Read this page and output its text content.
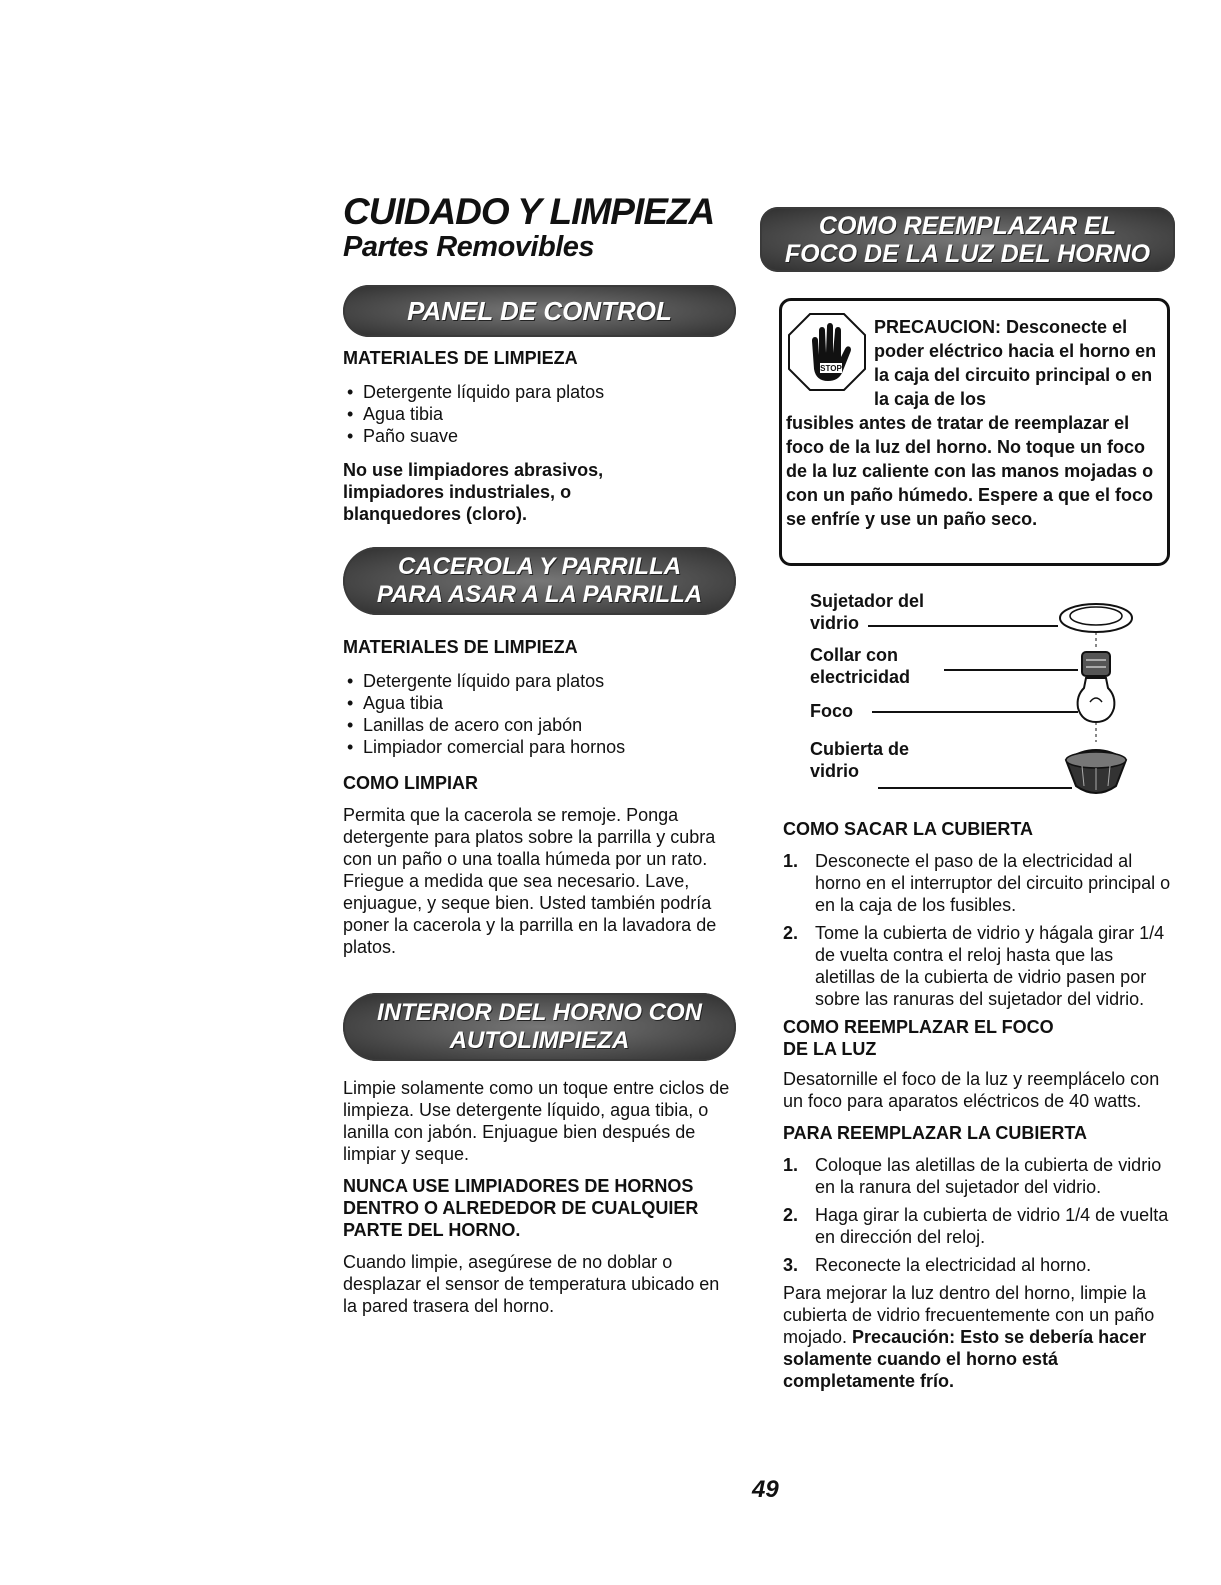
CUIDADO Y LIMPIEZA
Partes Removibles
PANEL DE CONTROL

MATERIALES DE LIMPIEZA

• Detergente líquido para platos
• Agua tibia
• Paño suave

No use limpiadores abrasivos, limpiadores industriales, o blanquedores (cloro).

CACEROLA Y PARRILLA
PARA ASAR A LA PARRILLA

MATERIALES DE LIMPIEZA

• Detergente líquido para platos
• Agua tibia
• Lanillas de acero con jabón
• Limpiador comercial para hornos

COMO LIMPIAR

Permita que la cacerola se remoje. Ponga detergente para platos sobre la parrilla y cubra con un paño o una toalla húmeda por un rato. Friegue a medida que sea necesario. Lave, enjuague, y seque bien. Usted también podría poner la cacerola y la parrilla en la lavadora de platos.

INTERIOR DEL HORNO CON
AUTOLIMPIEZA

Limpie solamente como un toque entre ciclos de limpieza. Use detergente líquido, agua tibia, o lanilla con jabón. Enjuague bien después de limpiar y seque.

NUNCA USE LIMPIADORES DE HORNOS DENTRO O ALREDEDOR DE CUALQUIER PARTE DEL HORNO.

Cuando limpie, asegúrese de no doblar o desplazar el sensor de temperatura ubicado en la pared trasera del horno.

COMO REEMPLAZAR EL
FOCO DE LA LUZ DEL HORNO
STOP

PRECAUCION: Desconecte el poder eléctrico hacia el horno en la caja del circuito principal o en la caja de los

fusibles antes de tratar de reemplazar el foco de la luz del horno. No toque un foco de la luz caliente con las manos mojadas o con un paño húmedo. Espere a que el foco se enfríe y use un paño seco.

Sujetador del vidrio
Collar con electricidad
Foco
Cubierta de vidrio

COMO SACAR LA CUBIERTA

1. Desconecte el paso de la electricidad al horno en el interruptor del circuito principal o en la caja de los fusibles.
2. Tome la cubierta de vidrio y hágala girar 1/4 de vuelta contra el reloj hasta que las aletillas de la cubierta de vidrio pasen por sobre las ranuras del sujetador del vidrio.

COMO REEMPLAZAR EL FOCO DE LA LUZ

Desatornille el foco de la luz y reemplácelo con un foco para aparatos eléctricos de 40 watts.

PARA REEMPLAZAR LA CUBIERTA

1. Coloque las aletillas de la cubierta de vidrio en la ranura del sujetador del vidrio.
2. Haga girar la cubierta de vidrio 1/4 de vuelta en dirección del reloj.
3. Reconecte la electricidad al horno.

Para mejorar la luz dentro del horno, limpie la cubierta de vidrio frecuentemente con un paño mojado. Precaución: Esto se debería hacer solamente cuando el horno está completamente frío.

49
